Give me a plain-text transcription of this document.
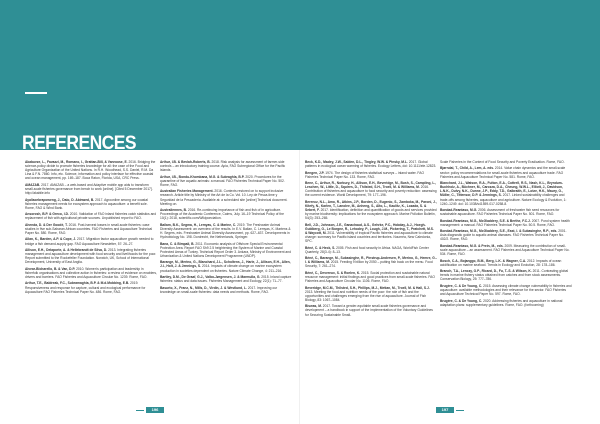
REFERENCES

Akabueze, L., Favazzi, M., Romano, I., Grattan-Bill, & Vanroose, E. 2016. Bridging the science-policy divide to promote fisheries knowledge for all: the case of the Food and Agriculture Organization of the United Nations. In R.H. Woodhead, S.S. Daniel, R.M. Da Lina & F.N. 7860. Info, etc. Science, information and policy interface for effective coastal and ocean management, pp. 169–187. Boca Raton, Florida, USA, CRC Press.

AMAZAB. 2017. AMAZAB – a web-based and Adaptive mobile app aids to transform small-scale fisheries governance from bench to work [online]. [Cited 5 December 2017]. http://akabile.info

Ayaliacebrapoweng, J., Daio, D. Abinwed, B. 2017. Agroonline among our coastal fisheries management needs for ecosystem approach to aquaculture: a benefit sole. Rome, FAO & Wind Bank.

Ansorosh, B.P. & Greco, I.D. 2010. Validation of FAO inland fisheries catch statistics and replacement of fish with agricultural private sources. Unpublished report to FAO.

Ahenda, D. & Der Goodé, T. 2016. Post-harvest losses in small-scale fisheries: case studies in five sub-Saharan African countries. FAO Fisheries and Aquaculture Technical Paper No. 580. Rome, FAO.

Allan, K., Barden, A.P. & Cope, J. 2017. Migration factor aquaculture growth needed to bridge a fish demand-supply gap. FAO Aquaculture Newsletter, 57: 26–27.

Allison, E.H., Delaporte, A. & Hellebrandt de Silva, D. 2013. Integrating fisheries management and aquaculture development with food security and livelihoods for the poor. Report submitted to the Rockefeller Foundation. Norwich, UK, School of International Development, University of East Anglia.

Alvear-Bicharello, B. & Van, D.P. 2010. Women's participation and leadership in fisherfolk organisations and collective action in fisheries: a review of evidence on enablers, drivers and barriers. FAO Fisheries and Aquaculture Circular No. 1239. Rome, FAO.

Arthur, T.E., Baldreak, F.C., Subramaghia, B.P. & M.d.Mobbing, E.B. 2019. Responsiveness and response for capture, cultural and ecological performance for Aquaculture FAO Fisheries Technical Paper No. 486. Rome, FAO.

Arthur, I.B. & Bevlah-Roberts, B. 2018. Risk analysis for assessment of farmer-side controls – an introductory training course. Apia, FAO Subregional Office for the Pacific Islands.

Arthur, I.B., Bondu-Khombana, M.G. & Subraghla, B.P. 2020. Procedures for the quarantine of live aquatic animals: a manual. FAO Fisheries Technical Paper No. 502. Rome, FAO.

Australian Fisheries Management. 2016. Contexts restored on to support inclusive research. Article title by Ministry of the Art de la Co. Vol. 10. Ley de Pesca-time y Seguridad de la Pescadería. Available at: a scheduled site [online] Technical document. Meeting on.

Australiennes, B. 2016. Re-continuing importance of fish and fish of in agriculture. Proceedings of the Academic Conference, Cairns, July. 16–19 Technical Policy of the 10(1): 2018, scientific.com/Wikipoeciation.

Bailam, B.K., Segma, H., Lemyas, C. & Marine, C. 2019. The Freshwater Animal Diversity Assessment: an overview of the results. In E.V. Balian, C. Lemyas, K. Martens & H. Segers, eds. Freshwater Animal Diversity Assessment, pp. 627–637. Developments in Hydrobiology No. 198. Dordrecht, the Netherlands, Springer.

Bana, C. & Bimpali, B. 2011. Economic analysis of Offshore Special Environmental Protection Area. Report FAO Sh9 2.5 heightening the System of Marine and Coastal Protected Areas of Turkey. Technical Report Order 3. Ankara, Ministry of Environment and Urbanization & United Nations Development Programme (UNDP).

Barange, M., Merino, G., Blanchard, J.L., Scholtens, J., Harle, J., Allison, E.H., Allen, J.I., Holt, J. & Jennings, S. 2014. Impacts of climate change on marine ecosystem production in societies dependent on fisheries. Nature Climate Change, 4: 211–216.

Bartley, D.M., De Graaf, G.J., Valbo-Jørgensen, J. & Marmulla, G. 2015. Inland capture fisheries: status and data issues. Fisheries Management and Ecology, 22(1): 71–77.

Basurto, X., Franz, N., Mills, D., Virdin, J. & Westlund, L. 2017. Improving our knowledge on small-scale fisheries: data needs and methods. Rome, FAO.

Beck, K.D., Madey, J.W., Salden, D.L., Tingley, W.W. & Pinsky, M.L. 2017. Global patterns in ecological ocean warming of fisheries. Ecology Letters, doi: 10.1111/ele.12823.

Bengen, J.P. 1974. The design of fisheries statistical surveys – inland water. FAO Fisheries Technical Paper No. 133. Rome, FAO.

Bene, C., Arthur, R., Norbury, H., Allison, E.H., Beveridge, M., Bush, S., Campling, L., Leschen, W., Little, D., Squires, D., Thilsted, S.H., Troell, M. & Williams, M. 2016. Contribution of fisheries and aquaculture to food security and poverty reduction: assessing the current evidence. World Development, 79: 177–196.

Berencz, N.L., Amo, R., Atkins, J.P., Borden, D., Eugenio, S., Zamboka, M., Paroni, J., Kitefy, N., Karlen, T., Lanolee, M., Anheng, S., Alto, L., Kaulitz, K., Lozada, S. & Sebert, F. 2017. Identification, definition and quantification of goods and services provided by marine biodiversity: implications for the ecosystem approach. Marine Pollution Bulletin, 54(3): 253–265.

Bell, J.D., Johnson, J.E., Ganachaud, A.S., Gehrke, P.C., Hobday, A.J., Hoegh-Guldberg, O., Le Borgne, R., Lehodey, P., Lough, J.M., Pickering, T., Pratchett, M.S. & Waycott, M. 2011. Vulnerability of tropical Pacific fisheries and aquaculture to climate change: summary for Pacific island countries and territories. Nouméa, New Caledonia, SPC.

Béné, C. & Heck, S. 2005. Fish and food security in Africa. NAGA, WorldFish Center Quarterly, 28(3-4): 8–13.

Béné, C., Barange, M., Subasinghe, R., Pinstrup-Andersen, P., Merino, G., Hemre, G.-I. & Williams, M. 2015. Feeding 9 billion by 2050 – putting fish back on the menu. Food Security, 7: 261–274.

Béné, C., Devereux, S. & Roelen, K. 2015. Social protection and sustainable natural resource management: initial findings and good practices from small-scale fisheries. FAO Fisheries and Aquaculture Circular No. 1106. Rome, FAO.

Beveridge, M.C.M., Thilsted, S.H., Phillips, M.J., Metian, M., Troell, M. & Hall, S.J. 2013. Meeting the food and nutrition needs of the poor: the role of fish and the opportunities and challenges emerging from the rise of aquaculture. Journal of Fish Biology, 83: 1067–1084.

Biswas, M. 2017. Toward a gender-equitable small-scale fisheries governance and development – a handbook in support of the implementation of the Voluntary Guidelines for Securing Sustainable Small-

Scale Fisheries in the Context of Food Security and Poverty Eradication. Rome, FAO.

Bjørndal, T., Child, A., Lem, A. eds. 2014. Value chain dynamics and the small-scale sector: policy recommendations for small-scale fisheries and aquaculture trade. FAO Fisheries and Aquaculture Technical Paper No. 581. Rome, FAO.

Blanchard, J.L., Watson, R.A., Fulton, E.A., Cottrell, R.S., Nash, K.L., Bryndum-Buchholz, A., Büchner, M., Carozza, D.A., Cheung, W.W.L., Elliott, J., Davidson, L.N.K., Dulvy, N.K., Dunne, J.P., Eddy, T.D., Galbraith, E., Lotze, H.K., Maury, O., Müller, C., Tittensor, D.P. & Jennings, S. 2017. Linked sustainability challenges and trade-offs among fisheries, aquaculture and agriculture. Nature Ecology & Evolution, 1: 1240–1249. doi: 10.1038/s41559-017-0258-8.

Bondad-Reantaso, M.G. 2006. Assessment of freshwater fish seed resources for sustainable aquaculture. FAO Fisheries Technical Paper No. 501. Rome, FAO.

Bondad-Reantaso, M.G., McGladdery, S.E. & Berthe, F.C.J. 2007. Pond system health management: a manual. FAO Fisheries Technical Paper No. 50.5. Rome, FAO.

Bondad-Reantaso, M.G., McGladdery, S.E., East, I. & Subasinghe, R.P., eds. 2001. Asia diagnostic guide to aquatic animal diseases. FAO Fisheries Technical Paper No. 402/2. Rome, FAO.

Bondad-Reantaso, M.G. & Prein, M., eds. 2009. Measuring the contribution of small-scale aquaculture – an assessment. FAO Fisheries and Aquaculture Technical Paper No. 534. Rome, FAO.

Bosch, C.A., Bojanggo, B.M., Berg, L.K. & Wagner, C.A. 2012. Impacts of ocean acidification on marine seafood. Trends in Ecology and Evolution, 28: 178–186.

Branch, T.A., Lenczy, O.P., Ricard, D., Fu, T.-S. & Wilson, K. 2011. Contrasting global trends in marine fishery status obtained from catches and from stock assessments. Conservation Biology, 25: 777–786.

Brugère, C. & De Young, C. 2015. Assessing climate change vulnerability in fisheries and aquaculture: available methodologies and their relevance for the sector. FAO Fisheries and Aquaculture Technical Paper No. 597. Rome, FAO.

Brugère, C. & De Young, C. 2020. Addressing fisheries and aquaculture in national adaptation plans: supplementary guidelines. Rome, FAO. (forthcoming)

196	197
